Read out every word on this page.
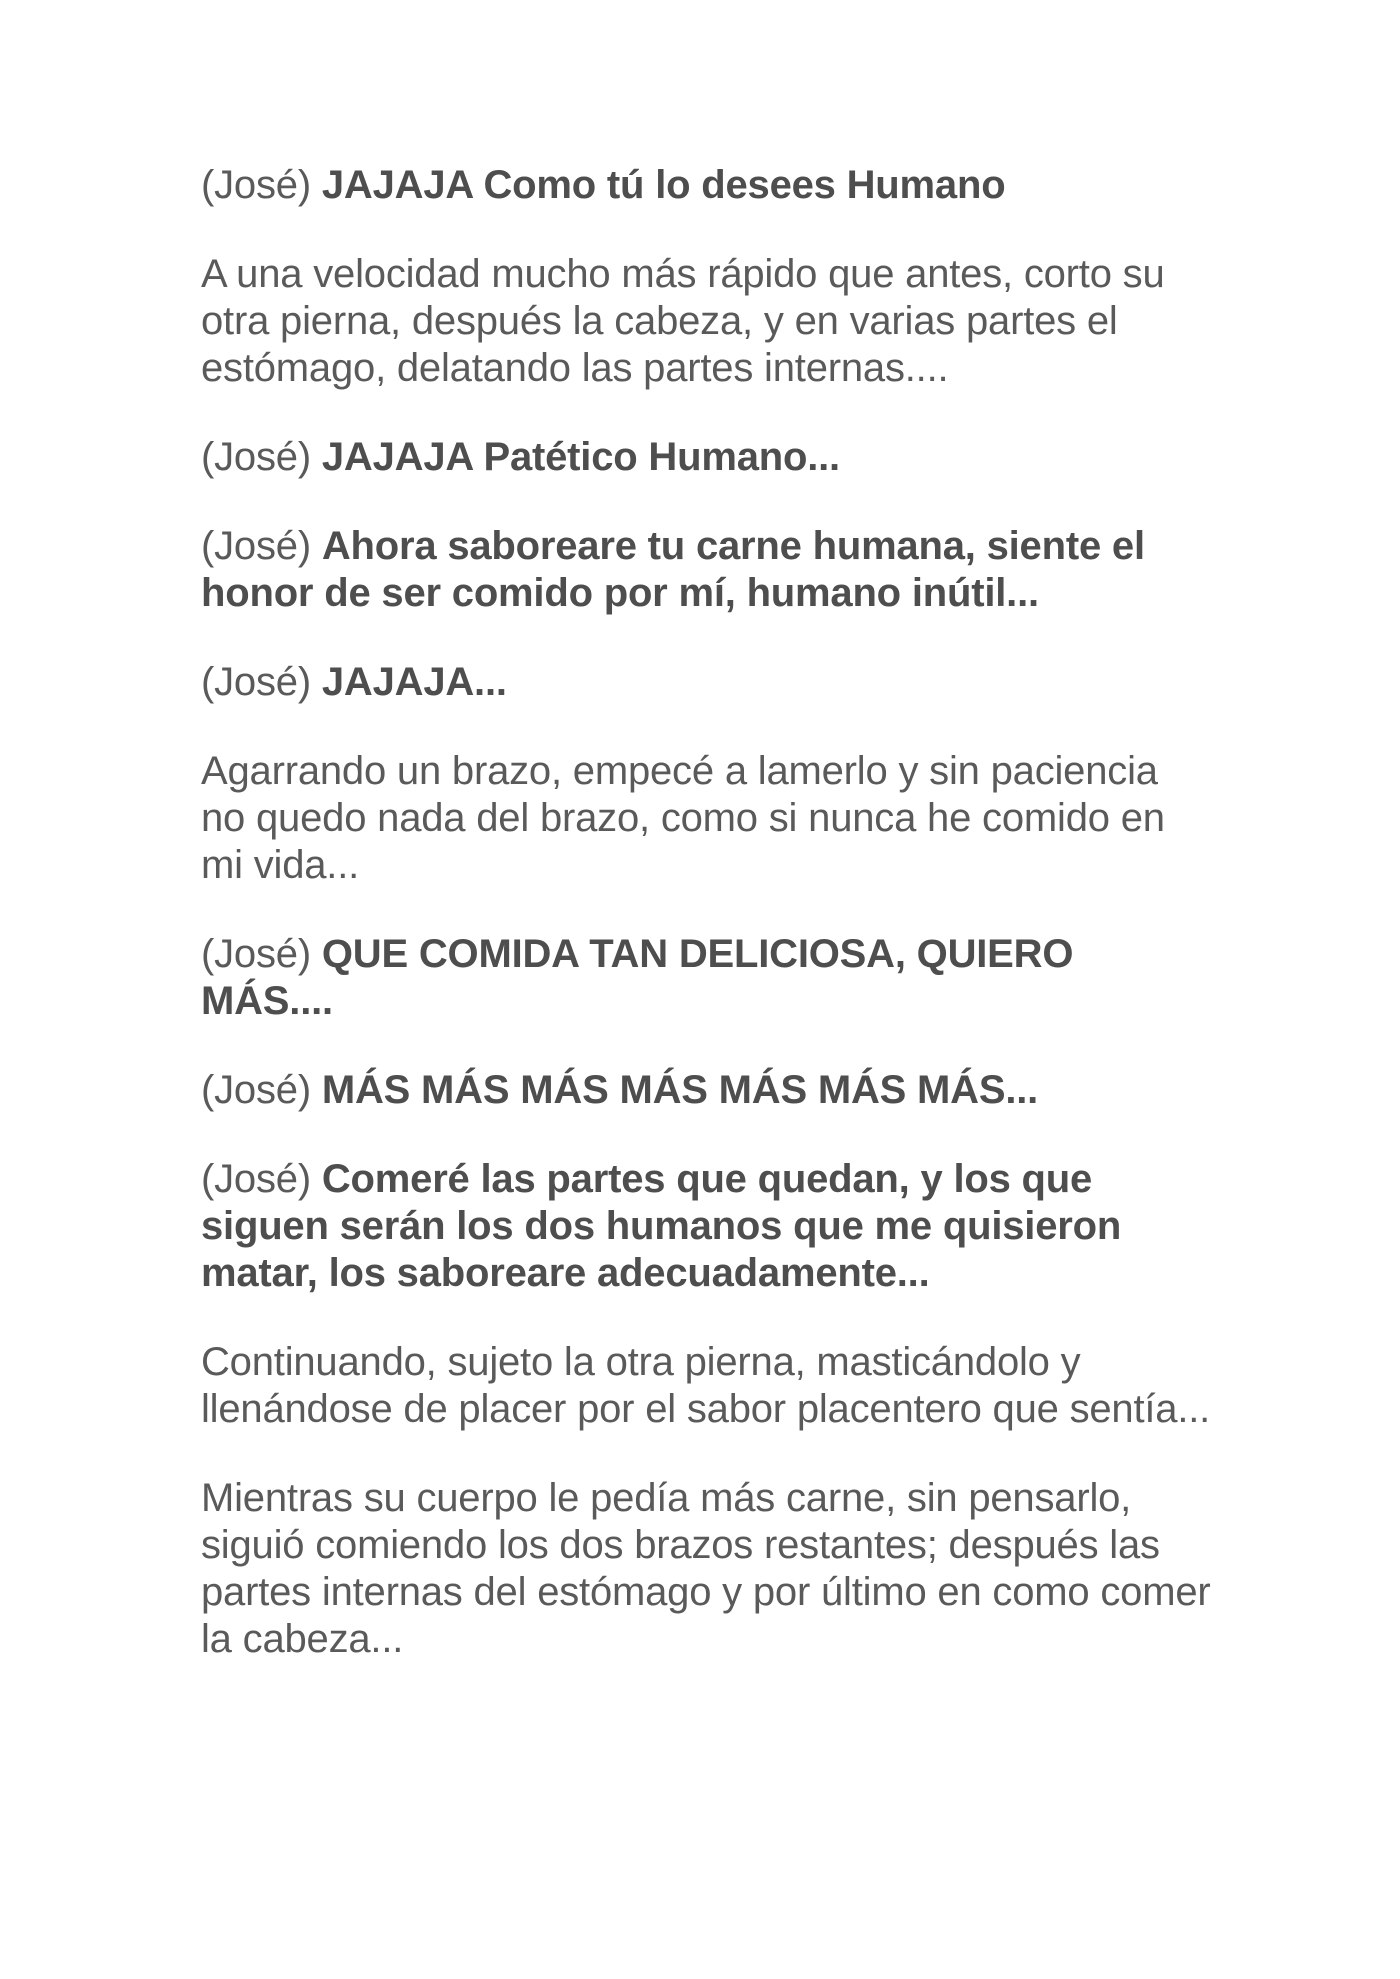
(José) JAJAJA Como tú lo desees Humano

A una velocidad mucho más rápido que antes, corto su otra pierna, después la cabeza, y en varias partes el estómago, delatando las partes internas....

(José) JAJAJA Patético Humano...

(José) Ahora saboreare tu carne humana, siente el honor de ser comido por mí, humano inútil...

(José) JAJAJA...

Agarrando un brazo, empecé a lamerlo y sin paciencia no quedo nada del brazo, como si nunca he comido en mi vida...

(José) QUE COMIDA TAN DELICIOSA, QUIERO MÁS....

(José) MÁS MÁS MÁS MÁS MÁS MÁS MÁS...

(José) Comeré las partes que quedan, y los que siguen serán los dos humanos que me quisieron matar, los saboreare adecuadamente...

Continuando, sujeto la otra pierna, masticándolo y llenándose de placer por el sabor placentero que sentía...

Mientras su cuerpo le pedía más carne, sin pensarlo, siguió comiendo los dos brazos restantes; después las partes internas del estómago y por último en como comer la cabeza...
